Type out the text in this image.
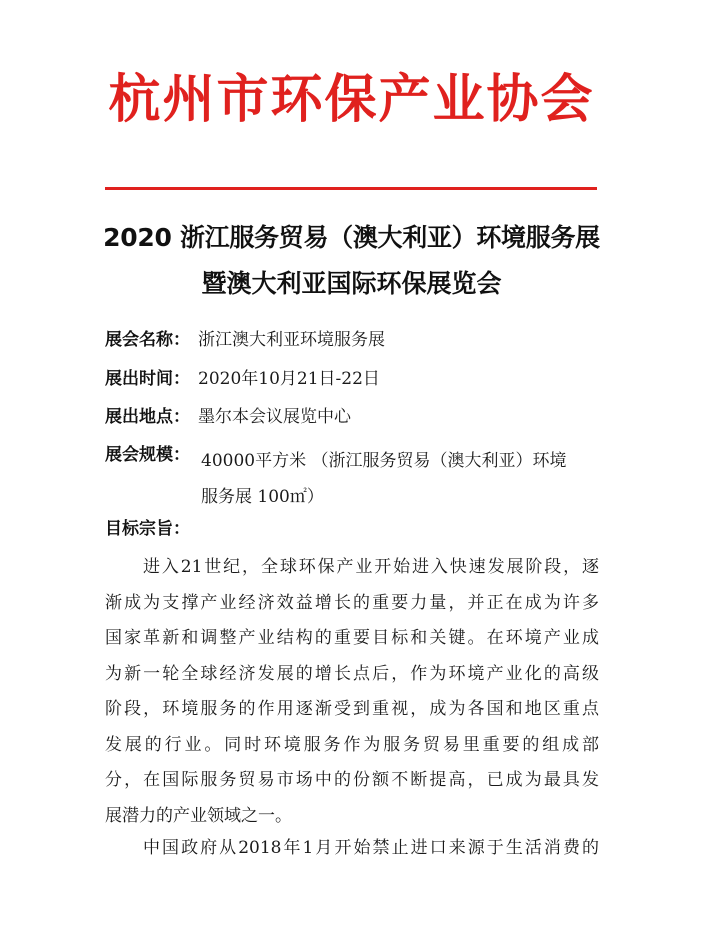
杭州市环保产业协会
2020 浙江服务贸易（澳大利亚）环境服务展
暨澳大利亚国际环保展览会
展会名称： 浙江澳大利亚环境服务展
展出时间： 2020年10月21日-22日
展出地点： 墨尔本会议展览中心
展会规模： 40000平方米 （浙江服务贸易（澳大利亚）环境
服务展 100㎡）
目标宗旨：
进入21世纪，全球环保产业开始进入快速发展阶段，逐
渐成为支撑产业经济效益增长的重要力量，并正在成为许多
国家革新和调整产业结构的重要目标和关键。在环境产业成
为新一轮全球经济发展的增长点后，作为环境产业化的高级
阶段，环境服务的作用逐渐受到重视，成为各国和地区重点
发展的行业。同时环境服务作为服务贸易里重要的组成部
分，在国际服务贸易市场中的份额不断提高，已成为最具发
展潜力的产业领域之一。
中国政府从2018年1月开始禁止进口来源于生活消费的
